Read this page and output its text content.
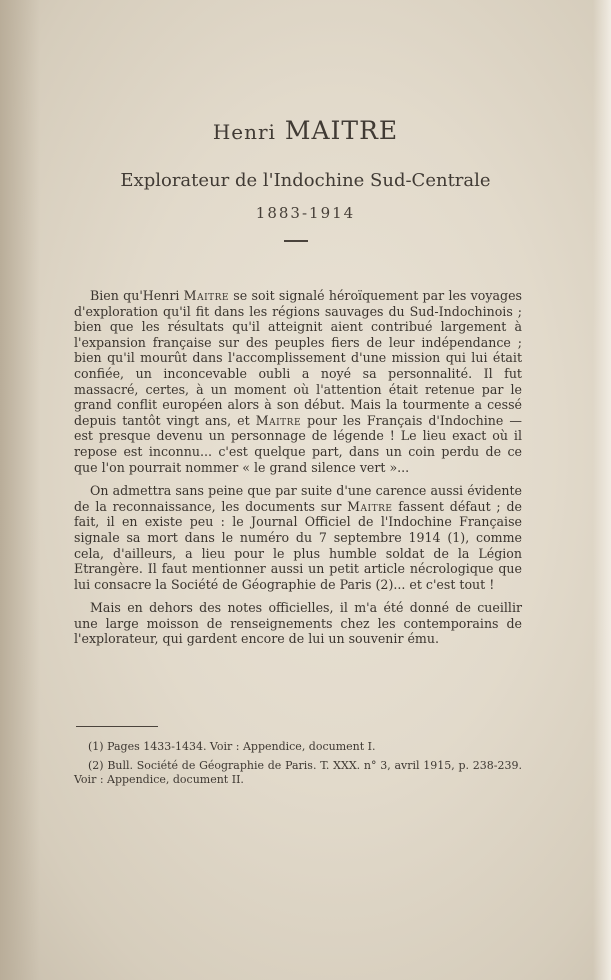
Henri MAITRE
Explorateur de l'Indochine Sud-Centrale
1883-1914

Bien qu'Henri Maitre se soit signalé héroïquement par les voyages d'exploration qu'il fit dans les régions sauvages du Sud-Indochinois ; bien que les résultats qu'il atteignit aient contribué largement à l'expansion française sur des peuples fiers de leur indépendance ; bien qu'il mourût dans l'accomplissement d'une mission qui lui était confiée, un inconcevable oubli a noyé sa personnalité. Il fut massacré, certes, à un moment où l'attention était retenue par le grand conflit européen alors à son début. Mais la tourmente a cessé depuis tantôt vingt ans, et Maitre pour les Français d'Indochine — est presque devenu un personnage de légende ! Le lieu exact où il repose est inconnu... c'est quelque part, dans un coin perdu de ce que l'on pourrait nommer « le grand silence vert »...

On admettra sans peine que par suite d'une carence aussi évidente de la reconnaissance, les documents sur Maitre fassent défaut ; de fait, il en existe peu : le Journal Officiel de l'Indochine Française signale sa mort dans le numéro du 7 septembre 1914 (1), comme cela, d'ailleurs, a lieu pour le plus humble soldat de la Légion Etrangère. Il faut mentionner aussi un petit article nécrologique que lui consacre la Société de Géographie de Paris (2)... et c'est tout !

Mais en dehors des notes officielles, il m'a été donné de cueillir une large moisson de renseignements chez les contemporains de l'explorateur, qui gardent encore de lui un souvenir ému.

(1) Pages 1433-1434. Voir : Appendice, document I.

(2) Bull. Société de Géographie de Paris. T. XXX. n° 3, avril 1915, p. 238-239. Voir : Appendice, document II.
